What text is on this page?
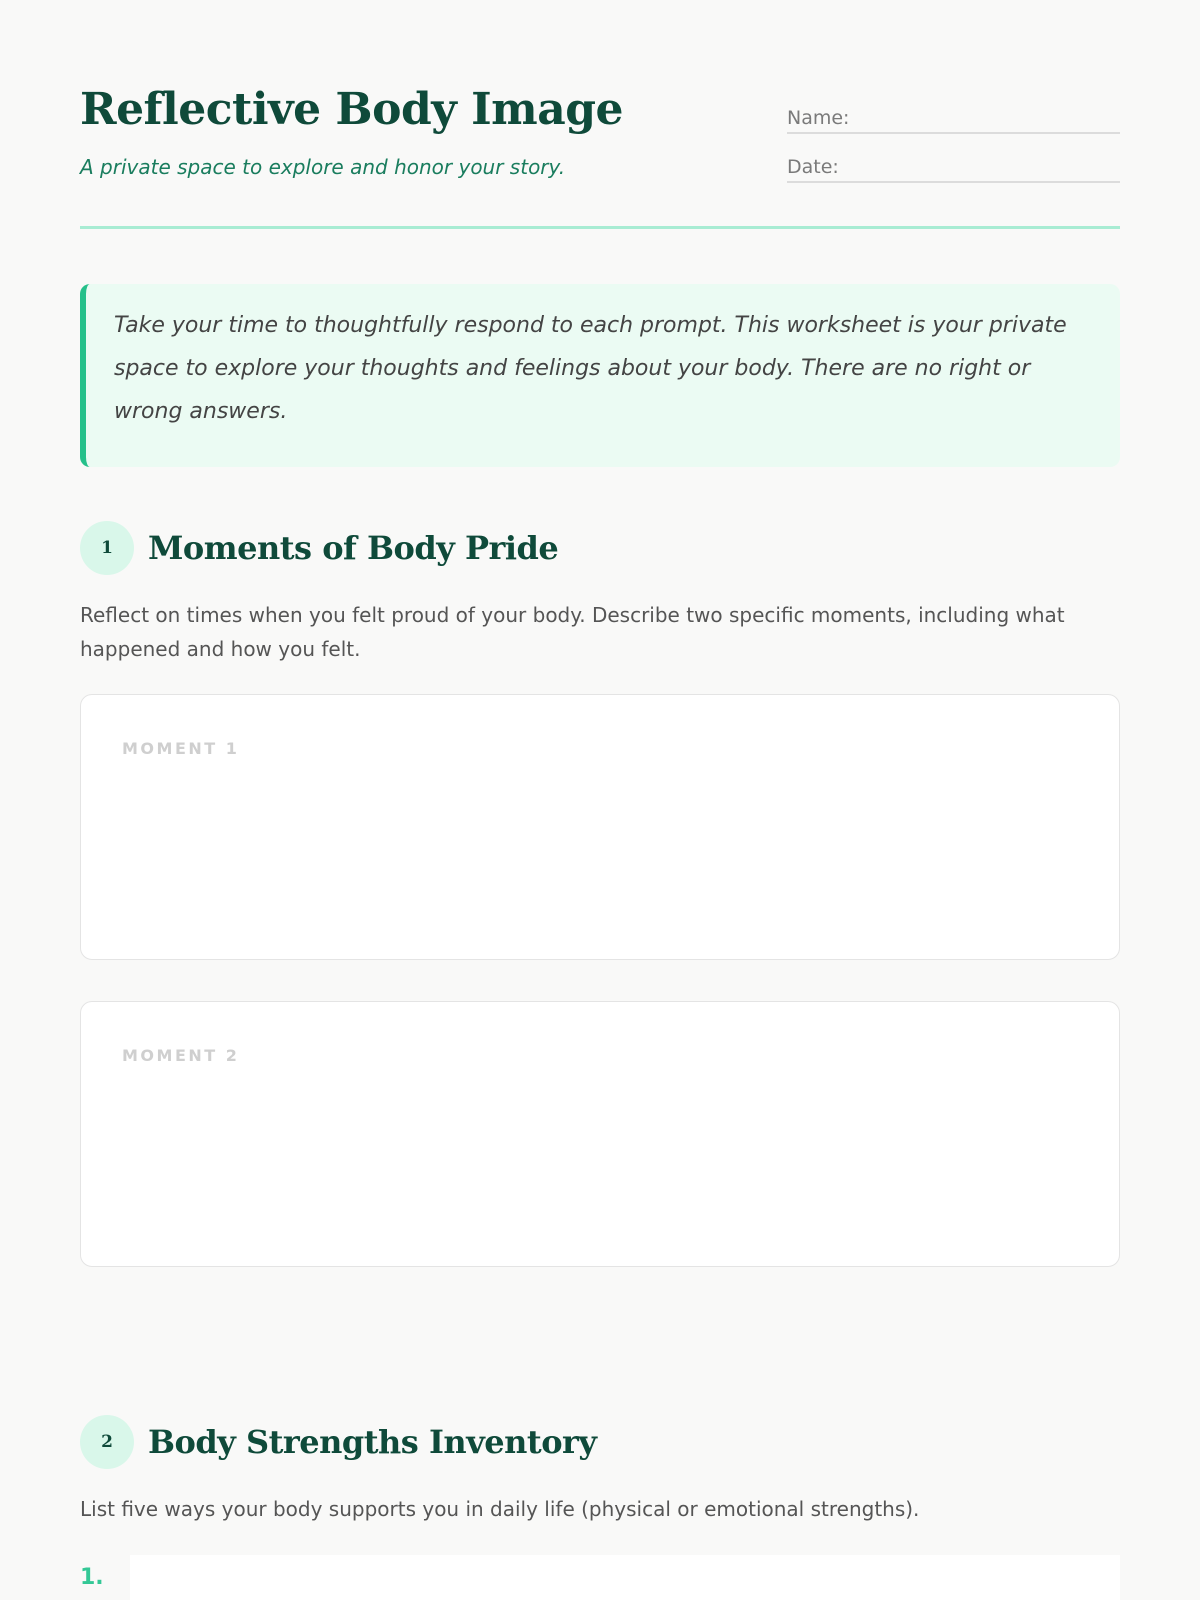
Reflective Body Image

A private space to explore and honor your story.

Name:
Date:
Take your time to thoughtfully respond to each prompt. This worksheet is your private space to explore your thoughts and feelings about your body. There are no right or wrong answers.
1	Moments of Body Pride

Reflect on times when you felt proud of your body. Describe two specific moments, including what happened and how you felt.

MOMENT 1
MOMENT 2
2	Body Strengths Inventory

List five ways your body supports you in daily life (physical or emotional strengths).

1.
